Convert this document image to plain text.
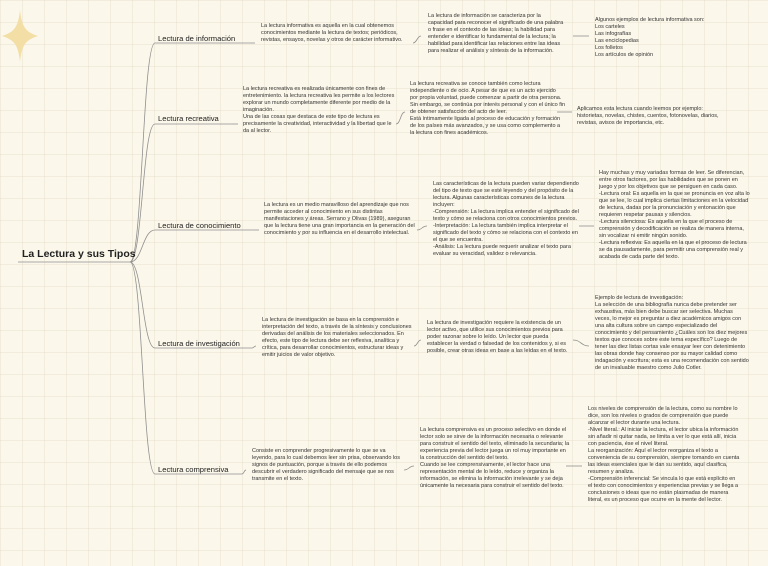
La Lectura y sus Tipos
Lectura de información

La lectura informativa es aquella en la cual obtenemos conocimientos mediante la lectura de textos; periódicos, revistas, ensayos, novelas y otros de carácter informativo.

La lectura de información se caracteriza por la capacidad para reconocer el significado de una palabra o frase en el contexto de las ideas; la habilidad para entender e identificar lo fundamental de la lectura; la habilidad para identificar las relaciones entre las ideas para realizar el análisis y síntesis de la información.

Algunos ejemplos de lectura informativa son:
Los carteles
Las infografías
Las enciclopedias
Los folletos
Los artículos de opinión

Lectura recreativa

La lectura recreativa es realizada únicamente con fines de entretenimiento. la lectura recreativa les permite a los lectores explorar un mundo completamente diferente por medio de la imaginación.
Una de las cosas que destaca de este tipo de lectura es precisamente la creatividad, interactividad y la libertad que le da al lector.

La lectura recreativa se conoce también como lectura independiente o de ocio. A pesar de que es un acto ejercido por propia voluntad, puede comenzar a partir de otra persona. Sin embargo, se continúa por interés personal y con el único fin de obtener satisfacción del acto de leer.
Está íntimamente ligada al proceso de educación y formación de los países más avanzados, y se usa como complemento a la lectura con fines académicos.

Aplicamos esta lectura cuando leemos por ejemplo: historietas, novelas, chistes, cuentos, fotonovelas, diarios, revistas, avisos de importancia, etc.

Lectura de conocimiento

La lectura es un medio maravilloso del aprendizaje que nos permite acceder al conocimiento en sus distintas manifestaciones y áreas. Serrano y Olivas (1989), aseguran que la lectura tiene una gran importancia en la generación del conocimiento y por su influencia en el desarrollo intelectual.

Las características de la lectura pueden variar dependiendo del tipo de texto que se esté leyendo y del propósito de la lectura. Algunas características comunes de la lectura incluyen:
-Comprensión: La lectura implica entender el significado del texto y cómo se relaciona con otros conocimientos previos.
-Interpretación: La lectura también implica interpretar el significado del texto y cómo se relaciona con el contexto en el que se encuentra.
-Análisis: La lectura puede requerir analizar el texto para evaluar su veracidad, validez o relevancia.

Hay muchas y muy variadas formas de leer. Se diferencian, entre otros factores, por las habilidades que se ponen en juego y por los objetivos que se persiguen en cada caso.
-Lectura oral: Es aquella en la que se pronuncia en voz alta lo que se lee, lo cual implica ciertas limitaciones en la velocidad de lectura, dadas por la pronunciación y entonación que requieren respetar pausas y silencios.
-Lectura silenciosa: Es aquella en la que el proceso de comprensión y decodificación se realiza de manera interna, sin vocalizar ni emitir ningún sonido.
-Lectura reflexiva: Es aquella en la que el proceso de lectura se da pausadamente, para permitir una comprensión real y acabada de cada parte del texto.

Lectura de investigación

La lectura de investigación se basa en la comprensión e interpretación del texto, a través de la síntesis y conclusiones derivadas del análisis de los materiales seleccionados. En efecto, este tipo de lectura debe ser reflexiva, analítica y crítica, para desarrollar conocimientos, estructurar ideas y emitir juicios de valor objetivo.

La lectura de investigación requiere la existencia de un lector activo, que utilice sus conocimientos previos para poder razonar sobre lo leído. Un lector que pueda establecer la verdad o falsedad de los contenidos y, si es posible, crear otras ideas en base a las leídas en el texto.

Ejemplo de lectura de investigación:
La selección de una bibliografía nunca debe pretender ser exhaustiva, más bien debe buscar ser selectiva. Muchas veces, lo mejor es preguntar a diez académicos amigos con una alta cultura sobre un campo especializado del conocimiento y del pensamiento ¿Cuáles son los diez mejores textos que conoces sobre este tema específico? Luego de tener las diez listas cortas vale ensayar leer con detenimiento las obras donde hay consenso por su mayor calidad como indagación y escritura; esta es una recomendación con sentido de un invaluable maestro como Julio Cotler.

Lectura comprensiva

Consiste en comprender progresivamente lo que se va leyendo, para lo cual debemos leer sin prisa, observando los signos de puntuación, porque a través de ello podemos descubrir el verdadero significado del mensaje que se nos transmite en el texto.

La lectura comprensiva es un proceso selectivo en donde el lector solo se sirve de la información necesaria o relevante para construir el sentido del texto, eliminado la secundaria; la experiencia previa del lector juega un rol muy importante en la construcción del sentido del texto.
Cuando se lee comprensivamente, el lector hace una representación mental de lo leído, reduce y organiza la información, se elimina la información irrelevante y se deja únicamente la necesaria para construir el sentido del texto.

Los niveles de comprensión de la lectura, como su nombre lo dice, son los niveles o grados de comprensión que puede alcanzar el lector durante una lectura.
-Nivel literal.: Al iniciar la lectura, el lector ubica la información sin añadir ni quitar nada, se limita a ver lo que está allí, inicia con paciencia, ése el nivel literal.
La reorganización: Aquí el lector reorganiza el texto a conveniencia de su comprensión, siempre tomando en cuenta las ideas esenciales que le dan su sentido, aquí clasifica, resumen y analiza.
-Comprensión inferencial: Se vincula lo que está explícito en el texto con conocimientos y experiencias previas y se llega a conclusiones o ideas que no están plasmadas de manera literal, es un proceso que ocurre en la mente del lector.
